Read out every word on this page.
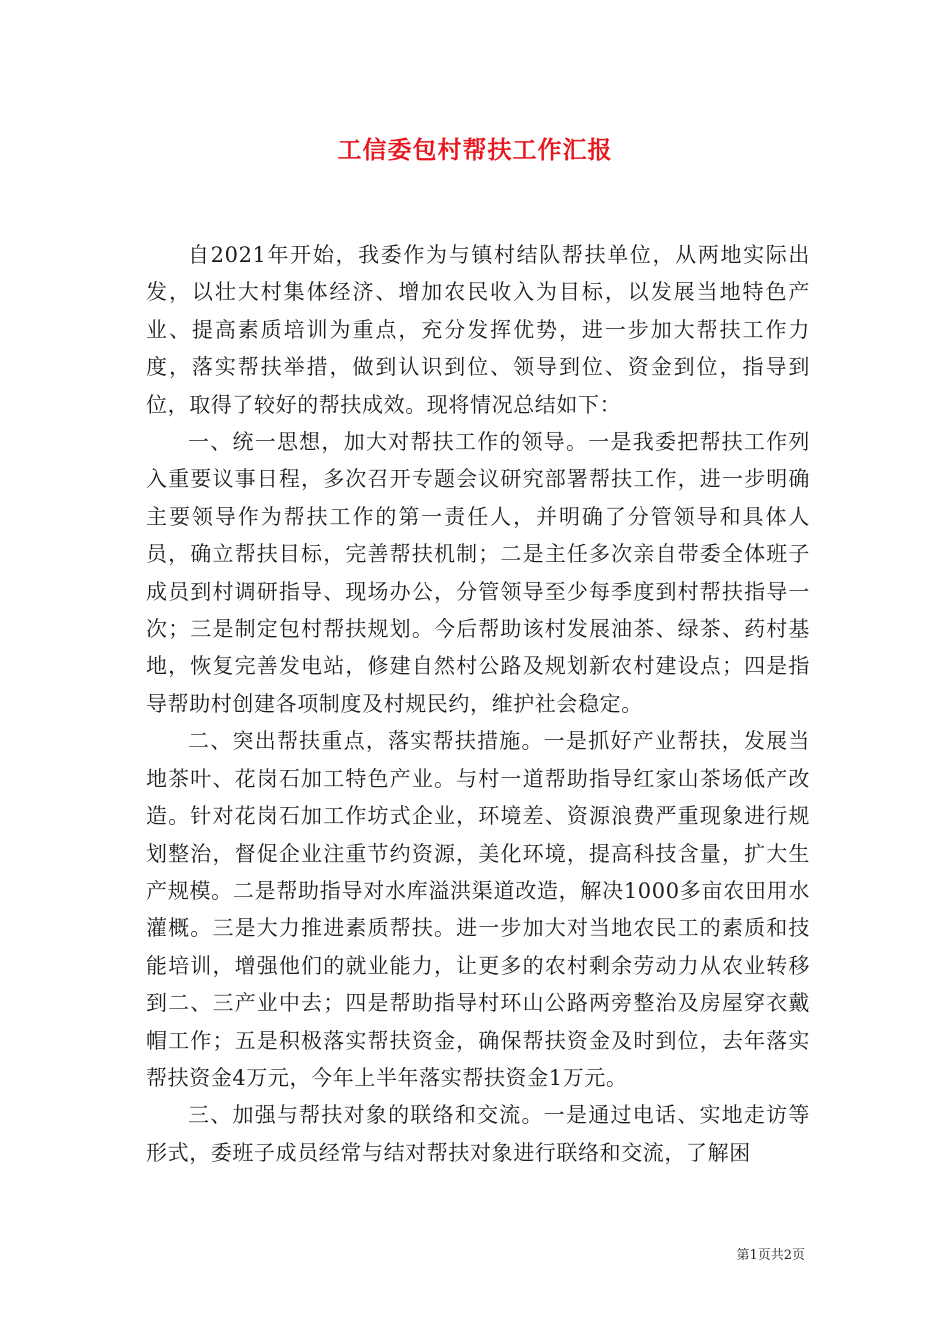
工信委包村帮扶工作汇报

自2021年开始，我委作为与镇村结队帮扶单位，从两地实际出发，以壮大村集体经济、增加农民收入为目标，以发展当地特色产业、提高素质培训为重点，充分发挥优势，进一步加大帮扶工作力度，落实帮扶举措，做到认识到位、领导到位、资金到位，指导到位，取得了较好的帮扶成效。现将情况总结如下：

一、统一思想，加大对帮扶工作的领导。一是我委把帮扶工作列入重要议事日程，多次召开专题会议研究部署帮扶工作，进一步明确主要领导作为帮扶工作的第一责任人，并明确了分管领导和具体人员，确立帮扶目标，完善帮扶机制；二是主任多次亲自带委全体班子成员到村调研指导、现场办公，分管领导至少每季度到村帮扶指导一次；三是制定包村帮扶规划。今后帮助该村发展油茶、绿茶、药村基地，恢复完善发电站，修建自然村公路及规划新农村建设点；四是指导帮助村创建各项制度及村规民约，维护社会稳定。

二、突出帮扶重点，落实帮扶措施。一是抓好产业帮扶，发展当地茶叶、花岗石加工特色产业。与村一道帮助指导红家山茶场低产改造。针对花岗石加工作坊式企业，环境差、资源浪费严重现象进行规划整治，督促企业注重节约资源，美化环境，提高科技含量，扩大生产规模。二是帮助指导对水库溢洪渠道改造，解决1000多亩农田用水灌概。三是大力推进素质帮扶。进一步加大对当地农民工的素质和技能培训，增强他们的就业能力，让更多的农村剩余劳动力从农业转移到二、三产业中去；四是帮助指导村环山公路两旁整治及房屋穿衣戴帽工作；五是积极落实帮扶资金，确保帮扶资金及时到位，去年落实帮扶资金4万元，今年上半年落实帮扶资金1万元。

三、加强与帮扶对象的联络和交流。一是通过电话、实地走访等形式，委班子成员经常与结对帮扶对象进行联络和交流，了解困

第1页共2页
